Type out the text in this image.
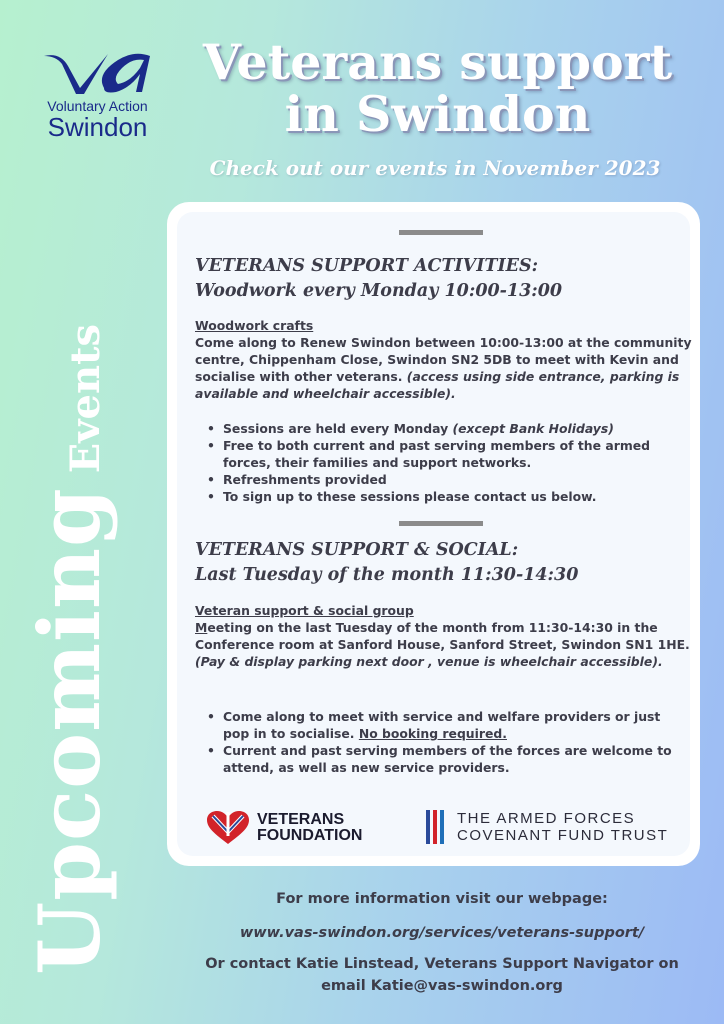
UpcomingEvents
Voluntary Action
Swindon
Veterans support
in Swindon
Check out our events in November 2023
VETERANS SUPPORT ACTIVITIES:
Woodwork every Monday 10:00-13:00
Woodwork crafts
Come along to Renew Swindon between 10:00-13:00 at the community centre, Chippenham Close, Swindon SN2 5DB to meet with Kevin and socialise with other veterans. (access using side entrance, parking is available and wheelchair accessible).
• Sessions are held every Monday (except Bank Holidays)
• Free to both current and past serving members of the armed forces, their families and support networks.
• Refreshments provided
• To sign up to these sessions please contact us below.
VETERANS SUPPORT & SOCIAL:
Last Tuesday of the month 11:30-14:30
Veteran support & social group
Meeting on the last Tuesday of the month from 11:30-14:30 in the Conference room at Sanford House, Sanford Street, Swindon SN1 1HE. (Pay & display parking next door , venue is wheelchair accessible).
• Come along to meet with service and welfare providers or just pop in to socialise. No booking required.
• Current and past serving members of the forces are welcome to attend, as well as new service providers.
VETERANS
FOUNDATION
THE ARMED FORCES
COVENANT FUND TRUST
For more information visit our webpage:
www.vas-swindon.org/services/veterans-support/
Or contact Katie Linstead, Veterans Support Navigator on
email Katie@vas-swindon.org
